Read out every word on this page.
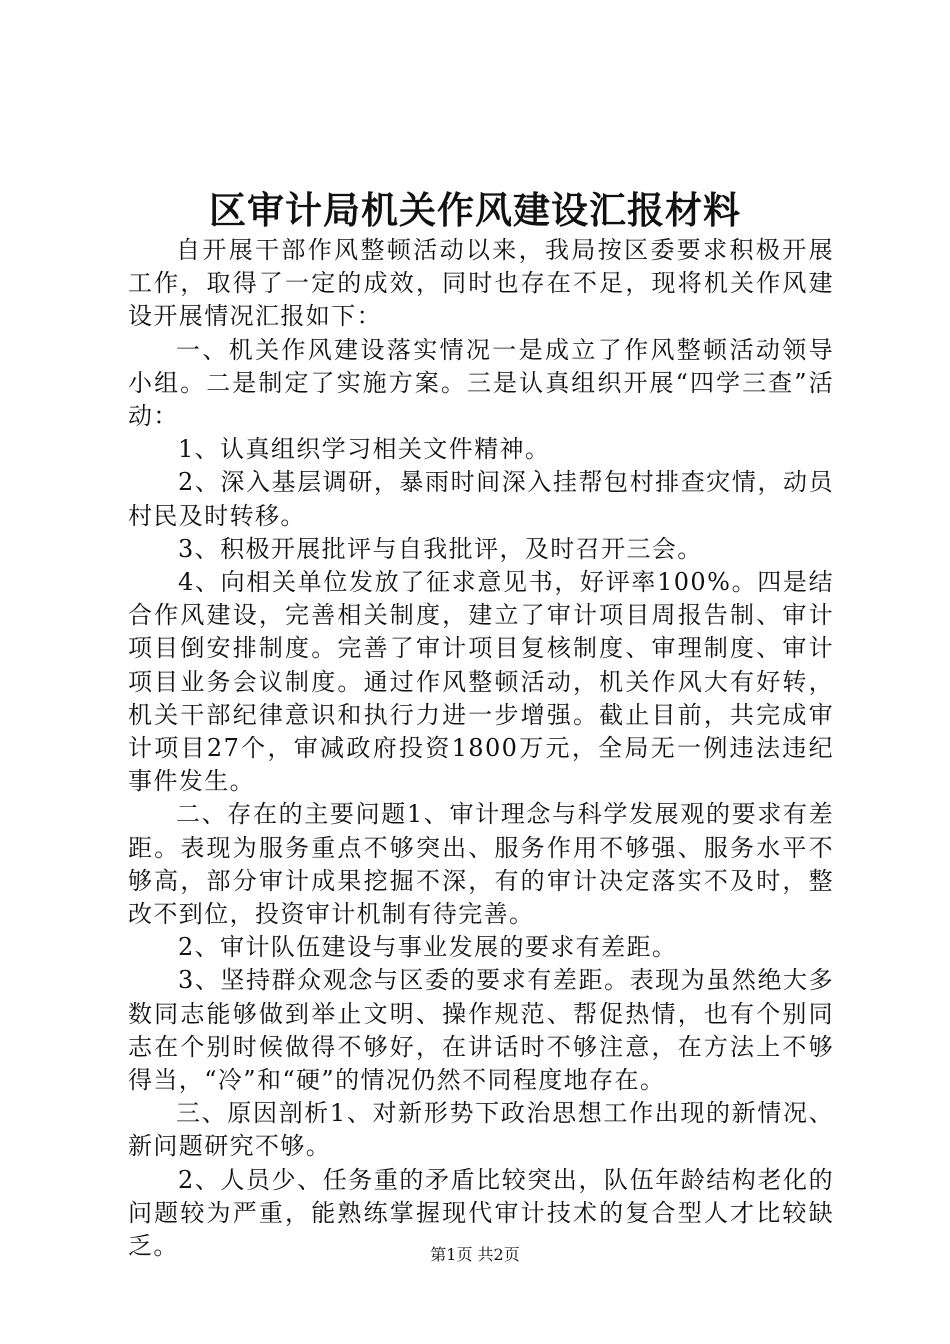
区审计局机关作风建设汇报材料

自开展干部作风整顿活动以来，我局按区委要求积极开展工作，取得了一定的成效，同时也存在不足，现将机关作风建设开展情况汇报如下：

一、机关作风建设落实情况一是成立了作风整顿活动领导小组。二是制定了实施方案。三是认真组织开展“四学三查”活动：

1、认真组织学习相关文件精神。

2、深入基层调研，暴雨时间深入挂帮包村排查灾情，动员村民及时转移。

3、积极开展批评与自我批评，及时召开三会。

4、向相关单位发放了征求意见书，好评率100%。四是结合作风建设，完善相关制度，建立了审计项目周报告制、审计项目倒安排制度。完善了审计项目复核制度、审理制度、审计项目业务会议制度。通过作风整顿活动，机关作风大有好转，机关干部纪律意识和执行力进一步增强。截止目前，共完成审计项目27个，审减政府投资1800万元，全局无一例违法违纪事件发生。

二、存在的主要问题1、审计理念与科学发展观的要求有差距。表现为服务重点不够突出、服务作用不够强、服务水平不够高，部分审计成果挖掘不深，有的审计决定落实不及时，整改不到位，投资审计机制有待完善。

2、审计队伍建设与事业发展的要求有差距。

3、坚持群众观念与区委的要求有差距。表现为虽然绝大多数同志能够做到举止文明、操作规范、帮促热情，也有个别同志在个别时候做得不够好，在讲话时不够注意，在方法上不够得当，“冷”和“硬”的情况仍然不同程度地存在。

三、原因剖析1、对新形势下政治思想工作出现的新情况、新问题研究不够。

2、人员少、任务重的矛盾比较突出，队伍年龄结构老化的问题较为严重，能熟练掌握现代审计技术的复合型人才比较缺乏。	第1页 共2页
